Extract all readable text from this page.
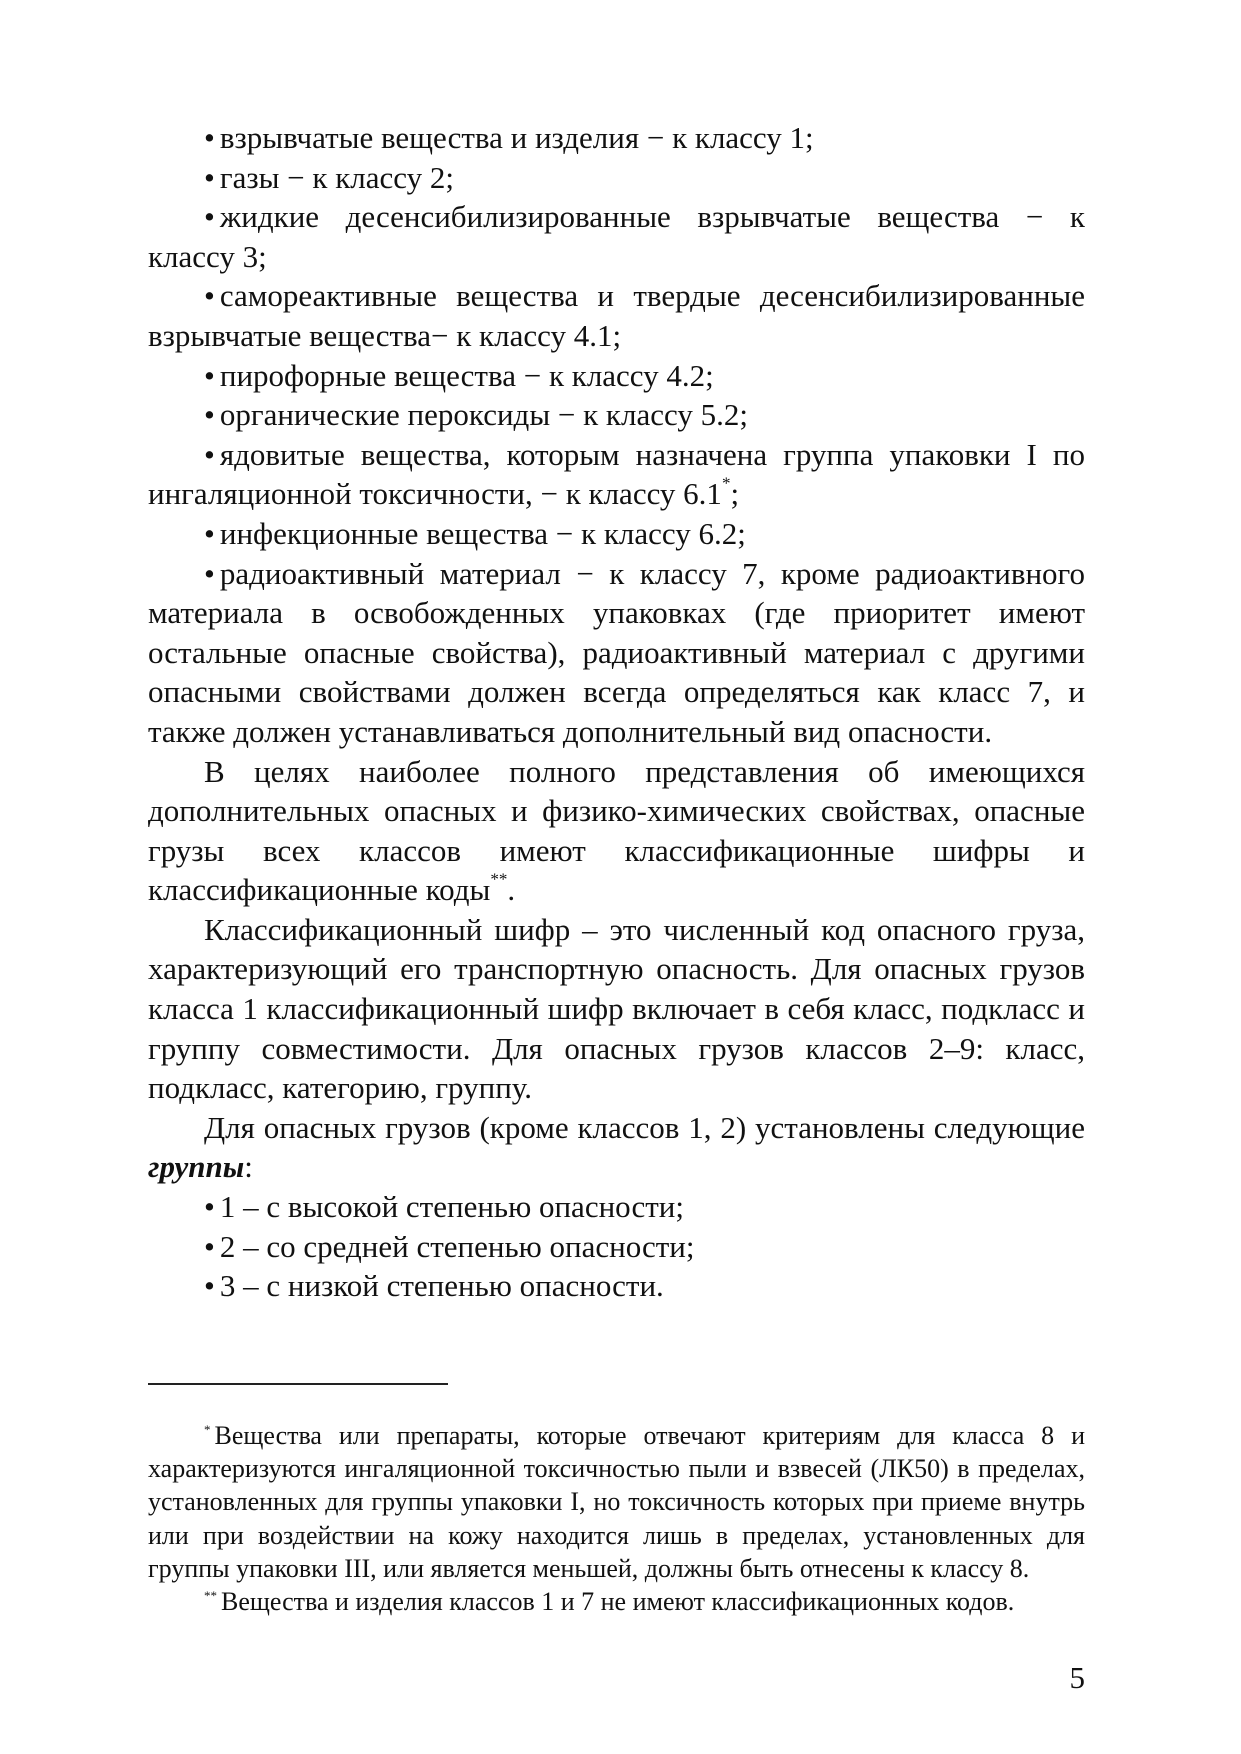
• взрывчатые вещества и изделия − к классу 1;

• газы − к классу 2;

• жидкие десенсибилизированные взрывчатые вещества − к классу 3;

• самореактивные вещества и твердые десенсибилизированные взрывчатые вещества− к классу 4.1;

• пирофорные вещества − к классу 4.2;

• органические пероксиды − к классу 5.2;

• ядовитые вещества, которым назначена группа упаковки I по ингаляционной токсичности, − к классу 6.1*;

• инфекционные вещества − к классу 6.2;

• радиоактивный материал − к классу 7, кроме радиоактивного материала в освобожденных упаковках (где приоритет имеют остальные опасные свойства), радиоактивный материал с другими опасными свойствами должен всегда определяться как класс 7, и также должен устанавливаться дополнительный вид опасности.

В целях наиболее полного представления об имеющихся дополнительных опасных и физико-химических свойствах, опасные грузы всех классов имеют классификационные шифры и классификационные коды**.

Классификационный шифр – это численный код опасного груза, характеризующий его транспортную опасность. Для опасных грузов класса 1 классификационный шифр включает в себя класс, подкласс и группу совместимости. Для опасных грузов классов 2–9: класс, подкласс, категорию, группу.

Для опасных грузов (кроме классов 1, 2) установлены следующие группы:

• 1 – с высокой степенью опасности;

• 2 – со средней степенью опасности;

• 3 – с низкой степенью опасности.

* Вещества или препараты, которые отвечают критериям для класса 8 и характеризуются ингаляционной токсичностью пыли и взвесей (ЛК50) в пределах, установленных для группы упаковки I, но токсичность которых при приеме внутрь или при воздействии на кожу находится лишь в пределах, установленных для группы упаковки III, или является меньшей, должны быть отнесены к классу 8.

** Вещества и изделия классов 1 и 7 не имеют классификационных кодов.

5
